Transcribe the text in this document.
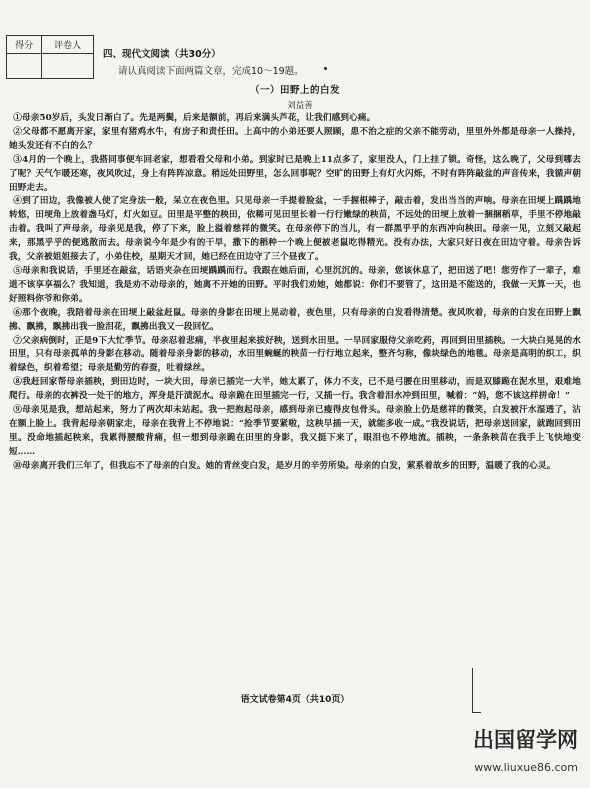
得分	评卷人

四、现代文阅读（共30分）
请认真阅读下面两篇文章，完成10～19题。
（一）田野上的白发
刘益善

①母亲50岁后，头发日渐白了。先是两鬓，后来是额前，再后来满头芦花，让我们感到心痛。

②父母都不愿离开家，家里有猪鸡水牛，有房子和责任田。上高中的小弟还要人照顾，患不治之症的父亲不能劳动，里里外外都是母亲一人操持，她头发还有不白的么？

③4月的一个晚上，我搭同事便车回老家，想看看父母和小弟。到家时已是晚上11点多了，家里没人，门上挂了锁。奇怪，这么晚了，父母到哪去了呢？天气乍暖还寒，夜风吹过，身上有阵阵凉意。稍远处田野里，怎么回事呢？空旷的田野上有灯火闪烁，不时有阵阵敲盆的声音传来，我循声朝田野走去。

④到了田边，我像被人使了定身法一般，呆立在夜色里。只见母亲一手提着脸盆，一手握根棒子，敲击着，发出当当的声响。母亲在田埂上踽踽地转悠，田埂角上放着盏马灯，灯火如豆。田里是平整的秧田，依稀可见田里长着一行行嫩绿的秧苗，不远处的田埂上放着一捆捆稻草，手里不停地敲击着。我叫了声母亲，母亲见是我，停了下来，脸上溢着慈祥的微笑。在母亲停下的当儿，有一群黑乎乎的东西冲向秧田。母亲一见，立刻又敲起来，那黑乎乎的便逃散而去。母亲说今年是少有的干旱，撒下的稻种一个晚上便被老鼠吃得精光。没有办法，大家只好日夜在田边守着。母亲告诉我，父亲被姐姐接去了，小弟住校，星期天才回，她已经在田边守了三个昼夜了。

⑤母亲和我说话，手里还在敲盆，话语夹杂在田埂踽踽而行。我跟在她后面，心里沉沉的。母亲，您该休息了，把田送了吧！您劳作了一辈子，难道不该享享福么？我知道，我是劝不动母亲的，她离不开她的田野。平时我们劝她，她都说：你们不要管了，这田是不能送的，我做一天算一天，也好照料你爷和你弟。

⑥那个夜晚，我陪着母亲在田埂上敲盆赶鼠。母亲的身影在田埂上晃动着，夜色里，只有母亲的白发看得清楚。夜风吹着，母亲的白发在田野上飘拂、飘拂，飘拂出我一脸泪花，飘拂出我又一段回忆。

⑦父亲病倒时，正是9下大忙季节。母亲忍着悲痛，半夜里起来拔好秧，送到水田里。一早回家服侍父亲吃药，再回到田里插秧。一大块白晃晃的水田里，只有母亲孤单的身影在移动。随着母亲身影的移动，水田里蜿蜒的秧苗一行行地立起来，整齐匀称，像块绿色的地毯。母亲是高明的织工，织着绿色，织着希望；母亲是勤劳的春蚕，吐着绿丝。

⑧我赶回家帮母亲插秧，到田边时，一块大田，母亲已插完一大半，她太累了，体力不支，已不是弓腰在田里移动，而是双膝跪在泥水里，艰难地爬行。母亲的衣裤没一处干的地方，浑身是汗渍泥水。母亲跪在田里插完一行，又插一行。我含着泪水冲到田里，喊着：“妈，您不该这样拼命！”

⑨母亲见是我，想站起来，努力了两次却未站起。我一把抱起母亲，感到母亲已瘦得皮包骨头。母亲脸上仍是慈祥的微笑，白发被汗水湿透了，沾在额上脸上。我背起母亲朝家走，母亲在我背上不停地说：“抢季节要紧啦，这秧早插一天，就能多收一成。”我没说话，把母亲送回家，就跑回到田里。没命地插起秧来，我累得腰酸背痛，但一想到母亲跪在田里的身影，我又挺下来了，眼泪也不停地流。插秧，一条条秧苗在我手上飞快地变短……

⑩母亲离开我们三年了，但我忘不了母亲的白发。她的青丝变白发，是岁月的辛劳所染。母亲的白发，萦系着故乡的田野，温暖了我的心灵。

语文试卷第4页（共10页）
出国留学网
www.liuxue86.com
